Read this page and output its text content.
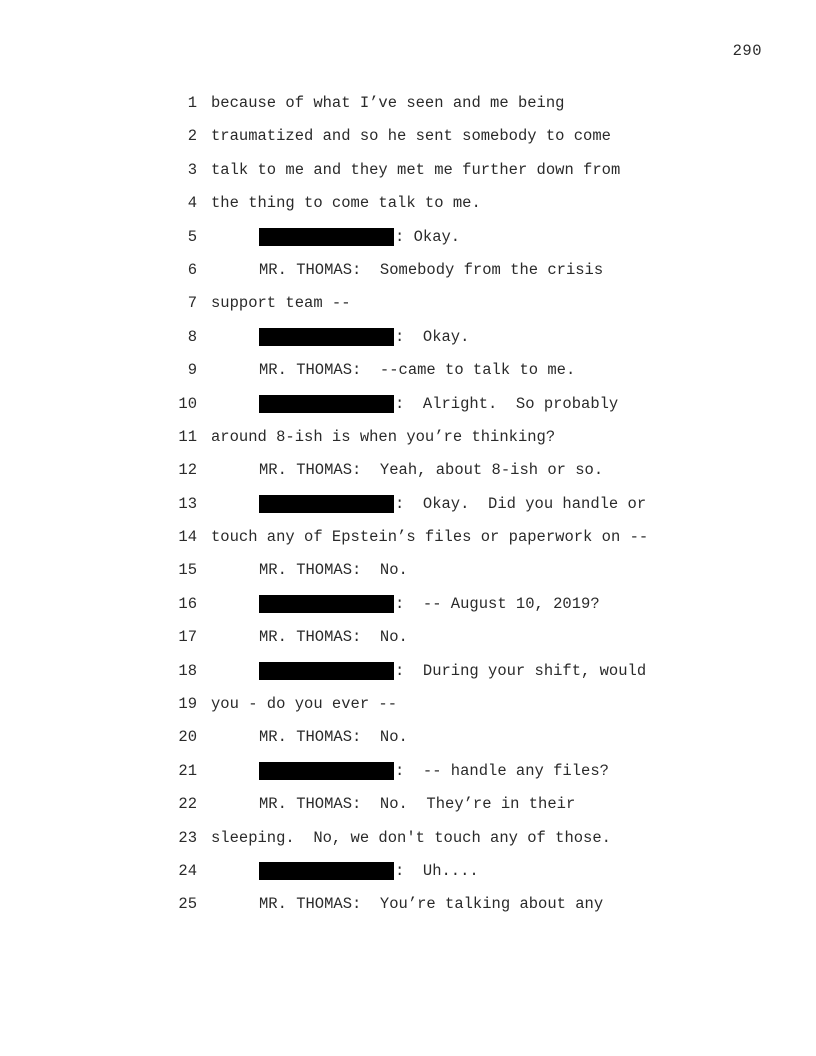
290
1 because of what I’ve seen and me being
2 traumatized and so he sent somebody to come
3 talk to me and they met me further down from
4 the thing to come talk to me.
5	: Okay.
6	MR. THOMAS:  Somebody from the crisis
7 support team --
8	:  Okay.
9	MR. THOMAS:  --came to talk to me.
10	:  Alright.  So probably
11 around 8-ish is when you’re thinking?
12	MR. THOMAS:  Yeah, about 8-ish or so.
13	:  Okay.  Did you handle or
14 touch any of Epstein’s files or paperwork on --
15	MR. THOMAS:  No.
16	:  -- August 10, 2019?
17	MR. THOMAS:  No.
18	:  During your shift, would
19 you - do you ever --
20	MR. THOMAS:  No.
21	:  -- handle any files?
22	MR. THOMAS:  No.  They’re in their
23 sleeping.  No, we don't touch any of those.
24	:  Uh....
25	MR. THOMAS:  You’re talking about any
